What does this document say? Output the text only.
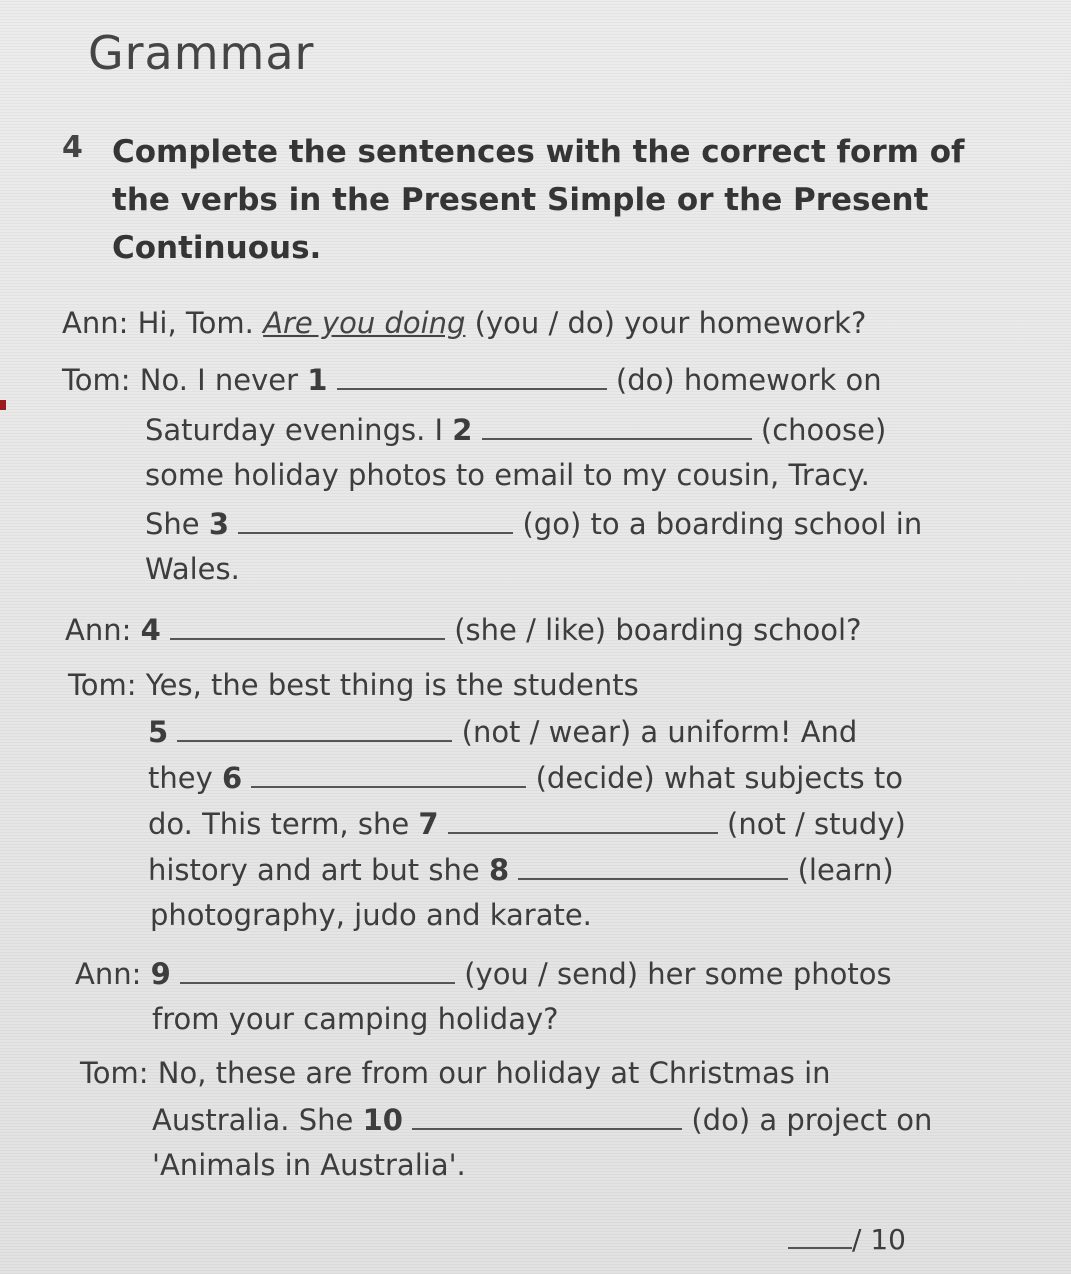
Grammar
4 Complete the sentences with the correct form of the verbs in the Present Simple or the Present Continuous.
Ann: Hi, Tom. Are you doing (you / do) your homework?
Tom: No. I never 1	(do) homework on
Saturday evenings. I 2	(choose)
some holiday photos to email to my cousin, Tracy.
She 3	(go) to a boarding school in
Wales.
Ann: 4	(she / like) boarding school?
Tom: Yes, the best thing is the students
5	(not / wear) a uniform! And
they 6	(decide) what subjects to
do. This term, she 7	(not / study)
history and art but she 8	(learn)
photography, judo and karate.
Ann: 9	(you / send) her some photos
from your camping holiday?
Tom: No, these are from our holiday at Christmas in
Australia. She 10	(do) a project on
'Animals in Australia'.
/ 10
